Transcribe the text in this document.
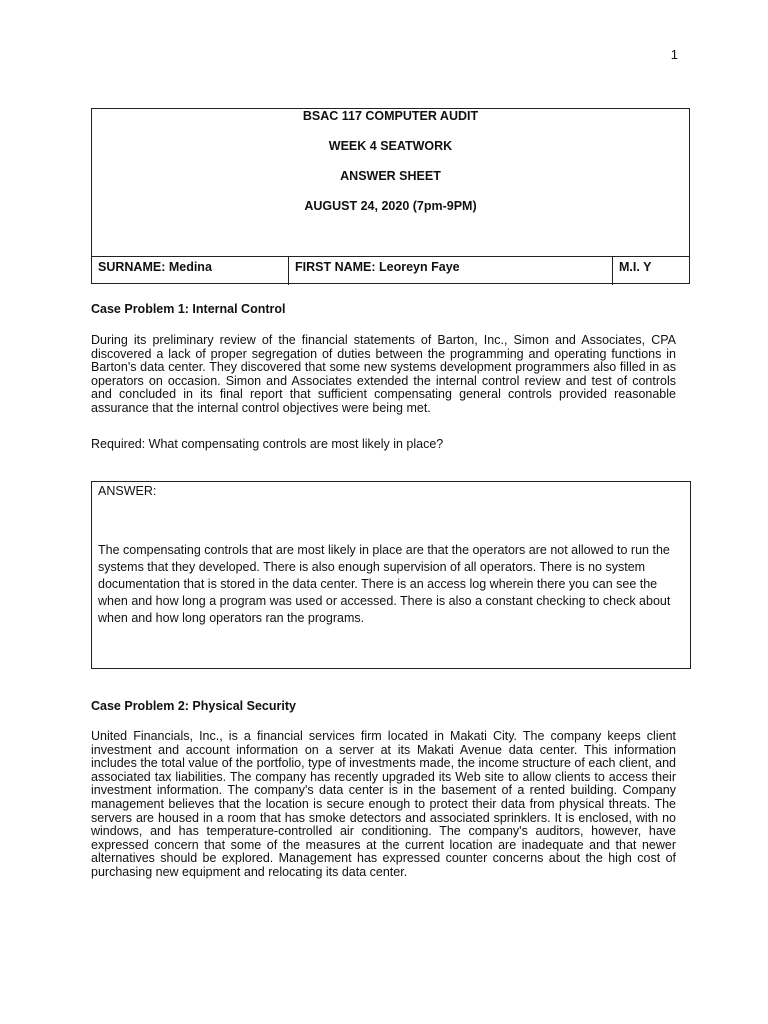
1
BSAC 117 COMPUTER AUDIT
WEEK 4 SEATWORK
ANSWER SHEET
AUGUST 24, 2020 (7pm-9PM)
SURNAME: Medina	FIRST NAME: Leoreyn Faye	M.I. Y
Case Problem 1: Internal Control

During its preliminary review of the financial statements of Barton, Inc., Simon and Associates, CPA discovered a lack of proper segregation of duties between the programming and operating functions in Barton's data center. They discovered that some new systems development programmers also filled in as operators on occasion. Simon and Associates extended the internal control review and test of controls and concluded in its final report that sufficient compensating general controls provided reasonable assurance that the internal control objectives were being met.

Required: What compensating controls are most likely in place?

ANSWER:

The compensating controls that are most likely in place are that the operators are not allowed to run the systems that they developed. There is also enough supervision of all operators. There is no system documentation that is stored in the data center. There is an access log wherein there you can see the when and how long a program was used or accessed. There is also a constant checking to check about when and how long operators ran the programs.

Case Problem 2: Physical Security

United Financials, Inc., is a financial services firm located in Makati City. The company keeps client investment and account information on a server at its Makati Avenue data center. This information includes the total value of the portfolio, type of investments made, the income structure of each client, and associated tax liabilities. The company has recently upgraded its Web site to allow clients to access their investment information. The company's data center is in the basement of a rented building. Company management believes that the location is secure enough to protect their data from physical threats. The servers are housed in a room that has smoke detectors and associated sprinklers. It is enclosed, with no windows, and has temperature-controlled air conditioning. The company's auditors, however, have expressed concern that some of the measures at the current location are inadequate and that newer alternatives should be explored. Management has expressed counter concerns about the high cost of purchasing new equipment and relocating its data center.
